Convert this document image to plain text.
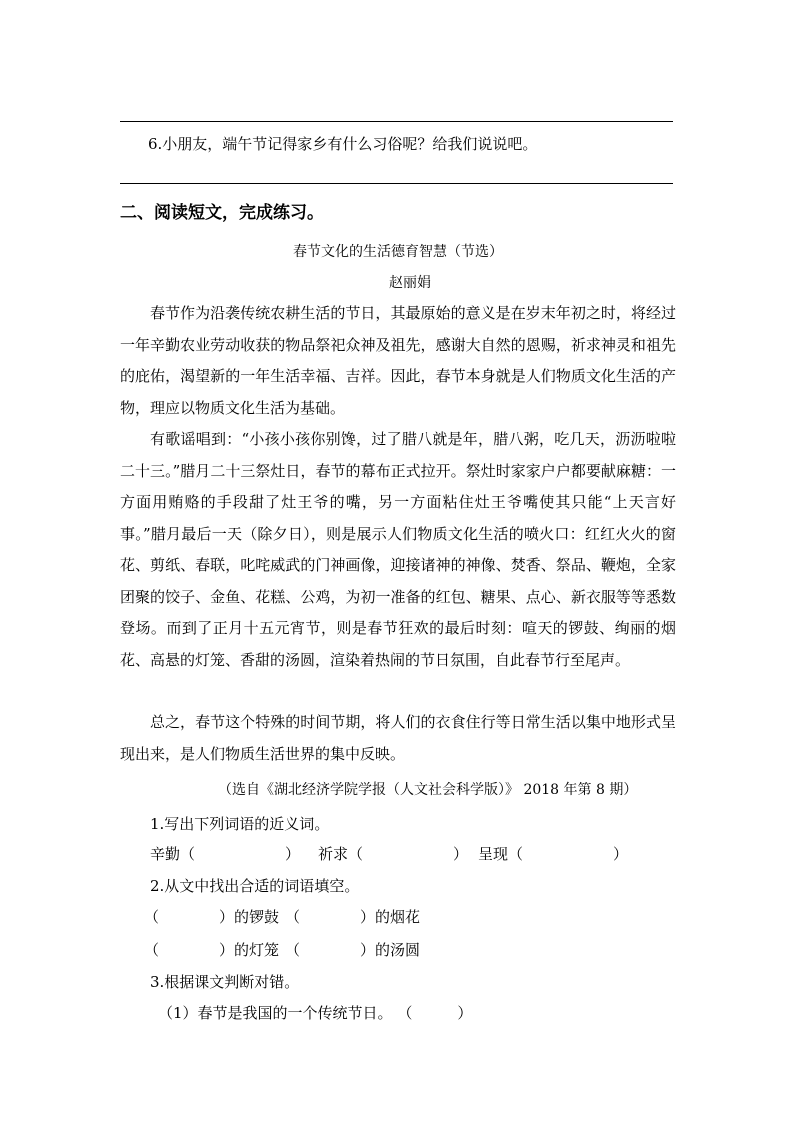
6.小朋友，端午节记得家乡有什么习俗呢？给我们说说吧。
二、阅读短文，完成练习。
春节文化的生活德育智慧（节选）
赵丽娟
春节作为沿袭传统农耕生活的节日，其最原始的意义是在岁末年初之时，将经过一年辛勤农业劳动收获的物品祭祀众神及祖先，感谢大自然的恩赐，祈求神灵和祖先的庇佑，渴望新的一年生活幸福、吉祥。因此，春节本身就是人们物质文化生活的产物，理应以物质文化生活为基础。
有歌谣唱到：“小孩小孩你别馋，过了腊八就是年，腊八粥，吃几天，沥沥啦啦二十三。”腊月二十三祭灶日，春节的幕布正式拉开。祭灶时家家户户都要献麻糖：一方面用贿赂的手段甜了灶王爷的嘴，另一方面粘住灶王爷嘴使其只能“上天言好事。”腊月最后一天（除夕日），则是展示人们物质文化生活的喷火口：红红火火的窗花、剪纸、春联，叱咤威武的门神画像，迎接诸神的神像、焚香、祭品、鞭炮，全家团聚的饺子、金鱼、花糕、公鸡，为初一准备的红包、糖果、点心、新衣服等等悉数登场。而到了正月十五元宵节，则是春节狂欢的最后时刻：喧天的锣鼓、绚丽的烟花、高悬的灯笼、香甜的汤圆，渲染着热闹的节日氛围，自此春节行至尾声。
总之，春节这个特殊的时间节期，将人们的衣食住行等日常生活以集中地形式呈现出来，是人们物质生活世界的集中反映。
（选自《湖北经济学院学报（人文社会科学版）》 2018 年第 8 期）
1.写出下列词语的近义词。
辛勤（　　　　　　） 祈求（　　　　　　） 呈现（　　　　　　）
2.从文中找出合适的词语填空。
（　　　　）的锣鼓 （　　　　）的烟花
（　　　　）的灯笼 （　　　　）的汤圆
3.根据课文判断对错。
（1）春节是我国的一个传统节日。 （　　　）
